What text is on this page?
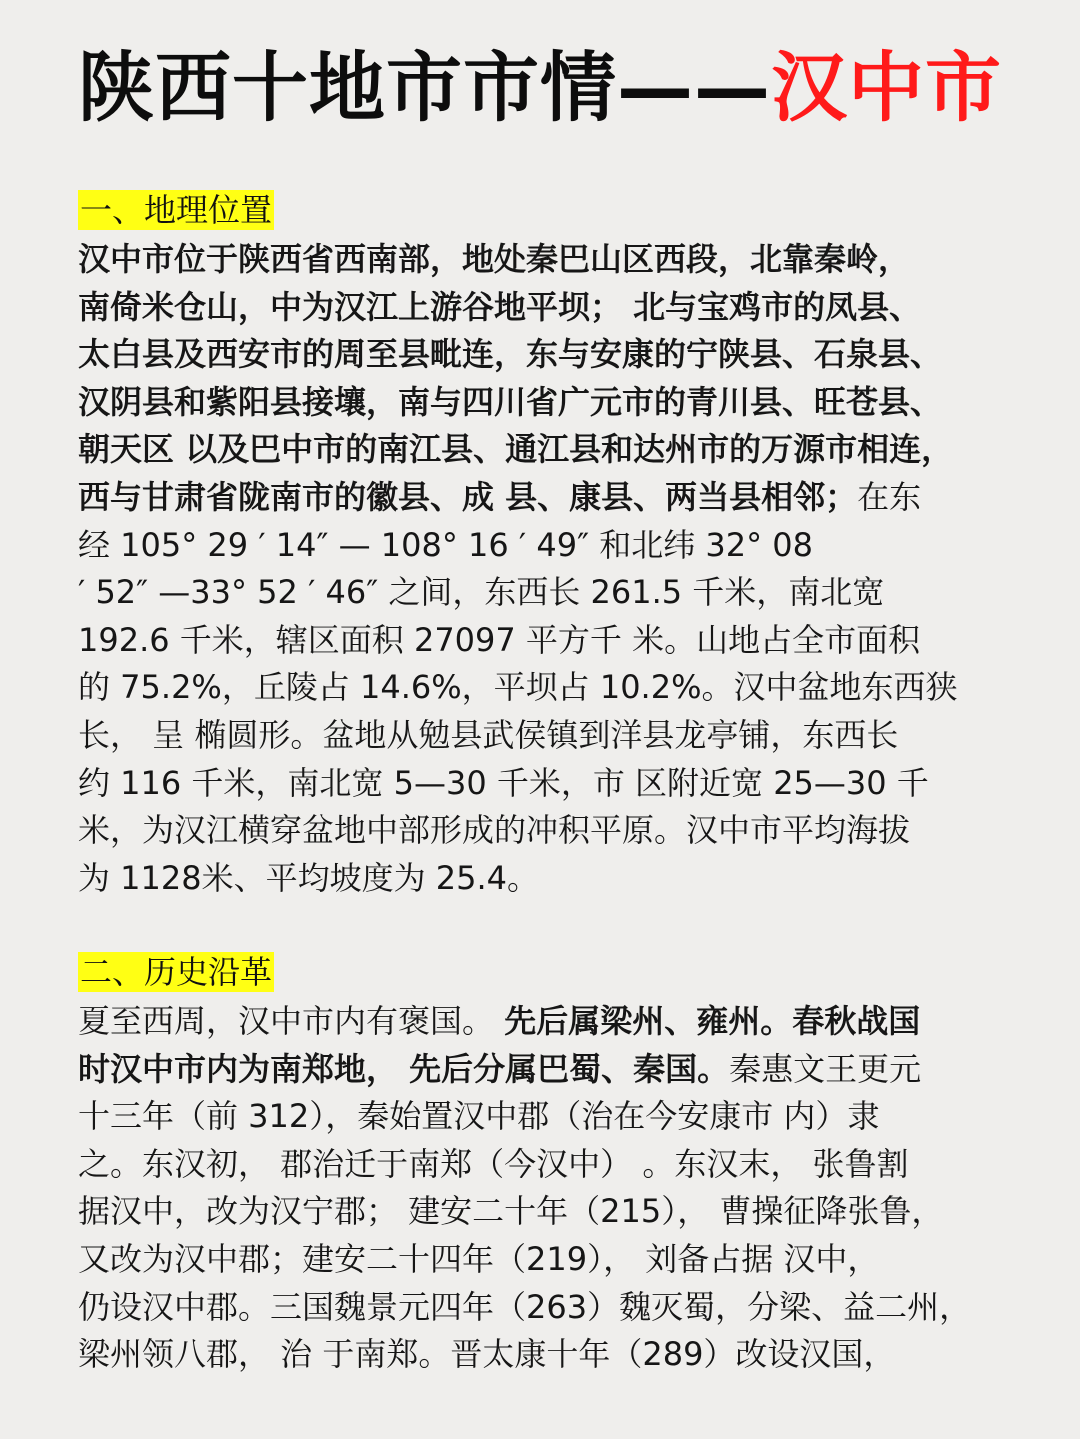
陕西十地市市情——汉中市
一、地理位置
汉中市位于陕西省西南部，地处秦巴山区西段，北靠秦岭，
南倚米仓山，中为汉江上游谷地平坝； 北与宝鸡市的凤县、
太白县及西安市的周至县毗连，东与安康的宁陕县、石泉县、
汉阴县和紫阳县接壤，南与四川省广元市的青川县、旺苍县、
朝天区 以及巴中市的南江县、通江县和达州市的万源市相连，
西与甘肃省陇南市的徽县、成 县、康县、两当县相邻；在东
经 105° 29 ′ 14″ — 108° 16 ′ 49″ 和北纬 32° 08
′ 52″ —33° 52 ′ 46″ 之间，东西长 261.5 千米，南北宽
192.6 千米，辖区面积 27097 平方千 米。山地占全市面积
的 75.2%，丘陵占 14.6%，平坝占 10.2%。汉中盆地东西狭
长， 呈 椭圆形。盆地从勉县武侯镇到洋县龙亭铺，东西长
约 116 千米，南北宽 5—30 千米，市 区附近宽 25—30 千
米，为汉江横穿盆地中部形成的冲积平原。汉中市平均海拔
为 1128米、平均坡度为 25.4。
二、历史沿革
夏至西周，汉中市内有褒国。 先后属梁州、雍州。春秋战国
时汉中市内为南郑地， 先后分属巴蜀、秦国。秦惠文王更元
十三年（前 312），秦始置汉中郡（治在今安康市 内）隶
之。东汉初， 郡治迁于南郑（今汉中） 。东汉末， 张鲁割
据汉中，改为汉宁郡； 建安二十年（215）， 曹操征降张鲁，
又改为汉中郡；建安二十四年（219）， 刘备占据 汉中，
仍设汉中郡。三国魏景元四年（263）魏灭蜀，分梁、益二州，
梁州领八郡， 治 于南郑。晋太康十年（289）改设汉国，
